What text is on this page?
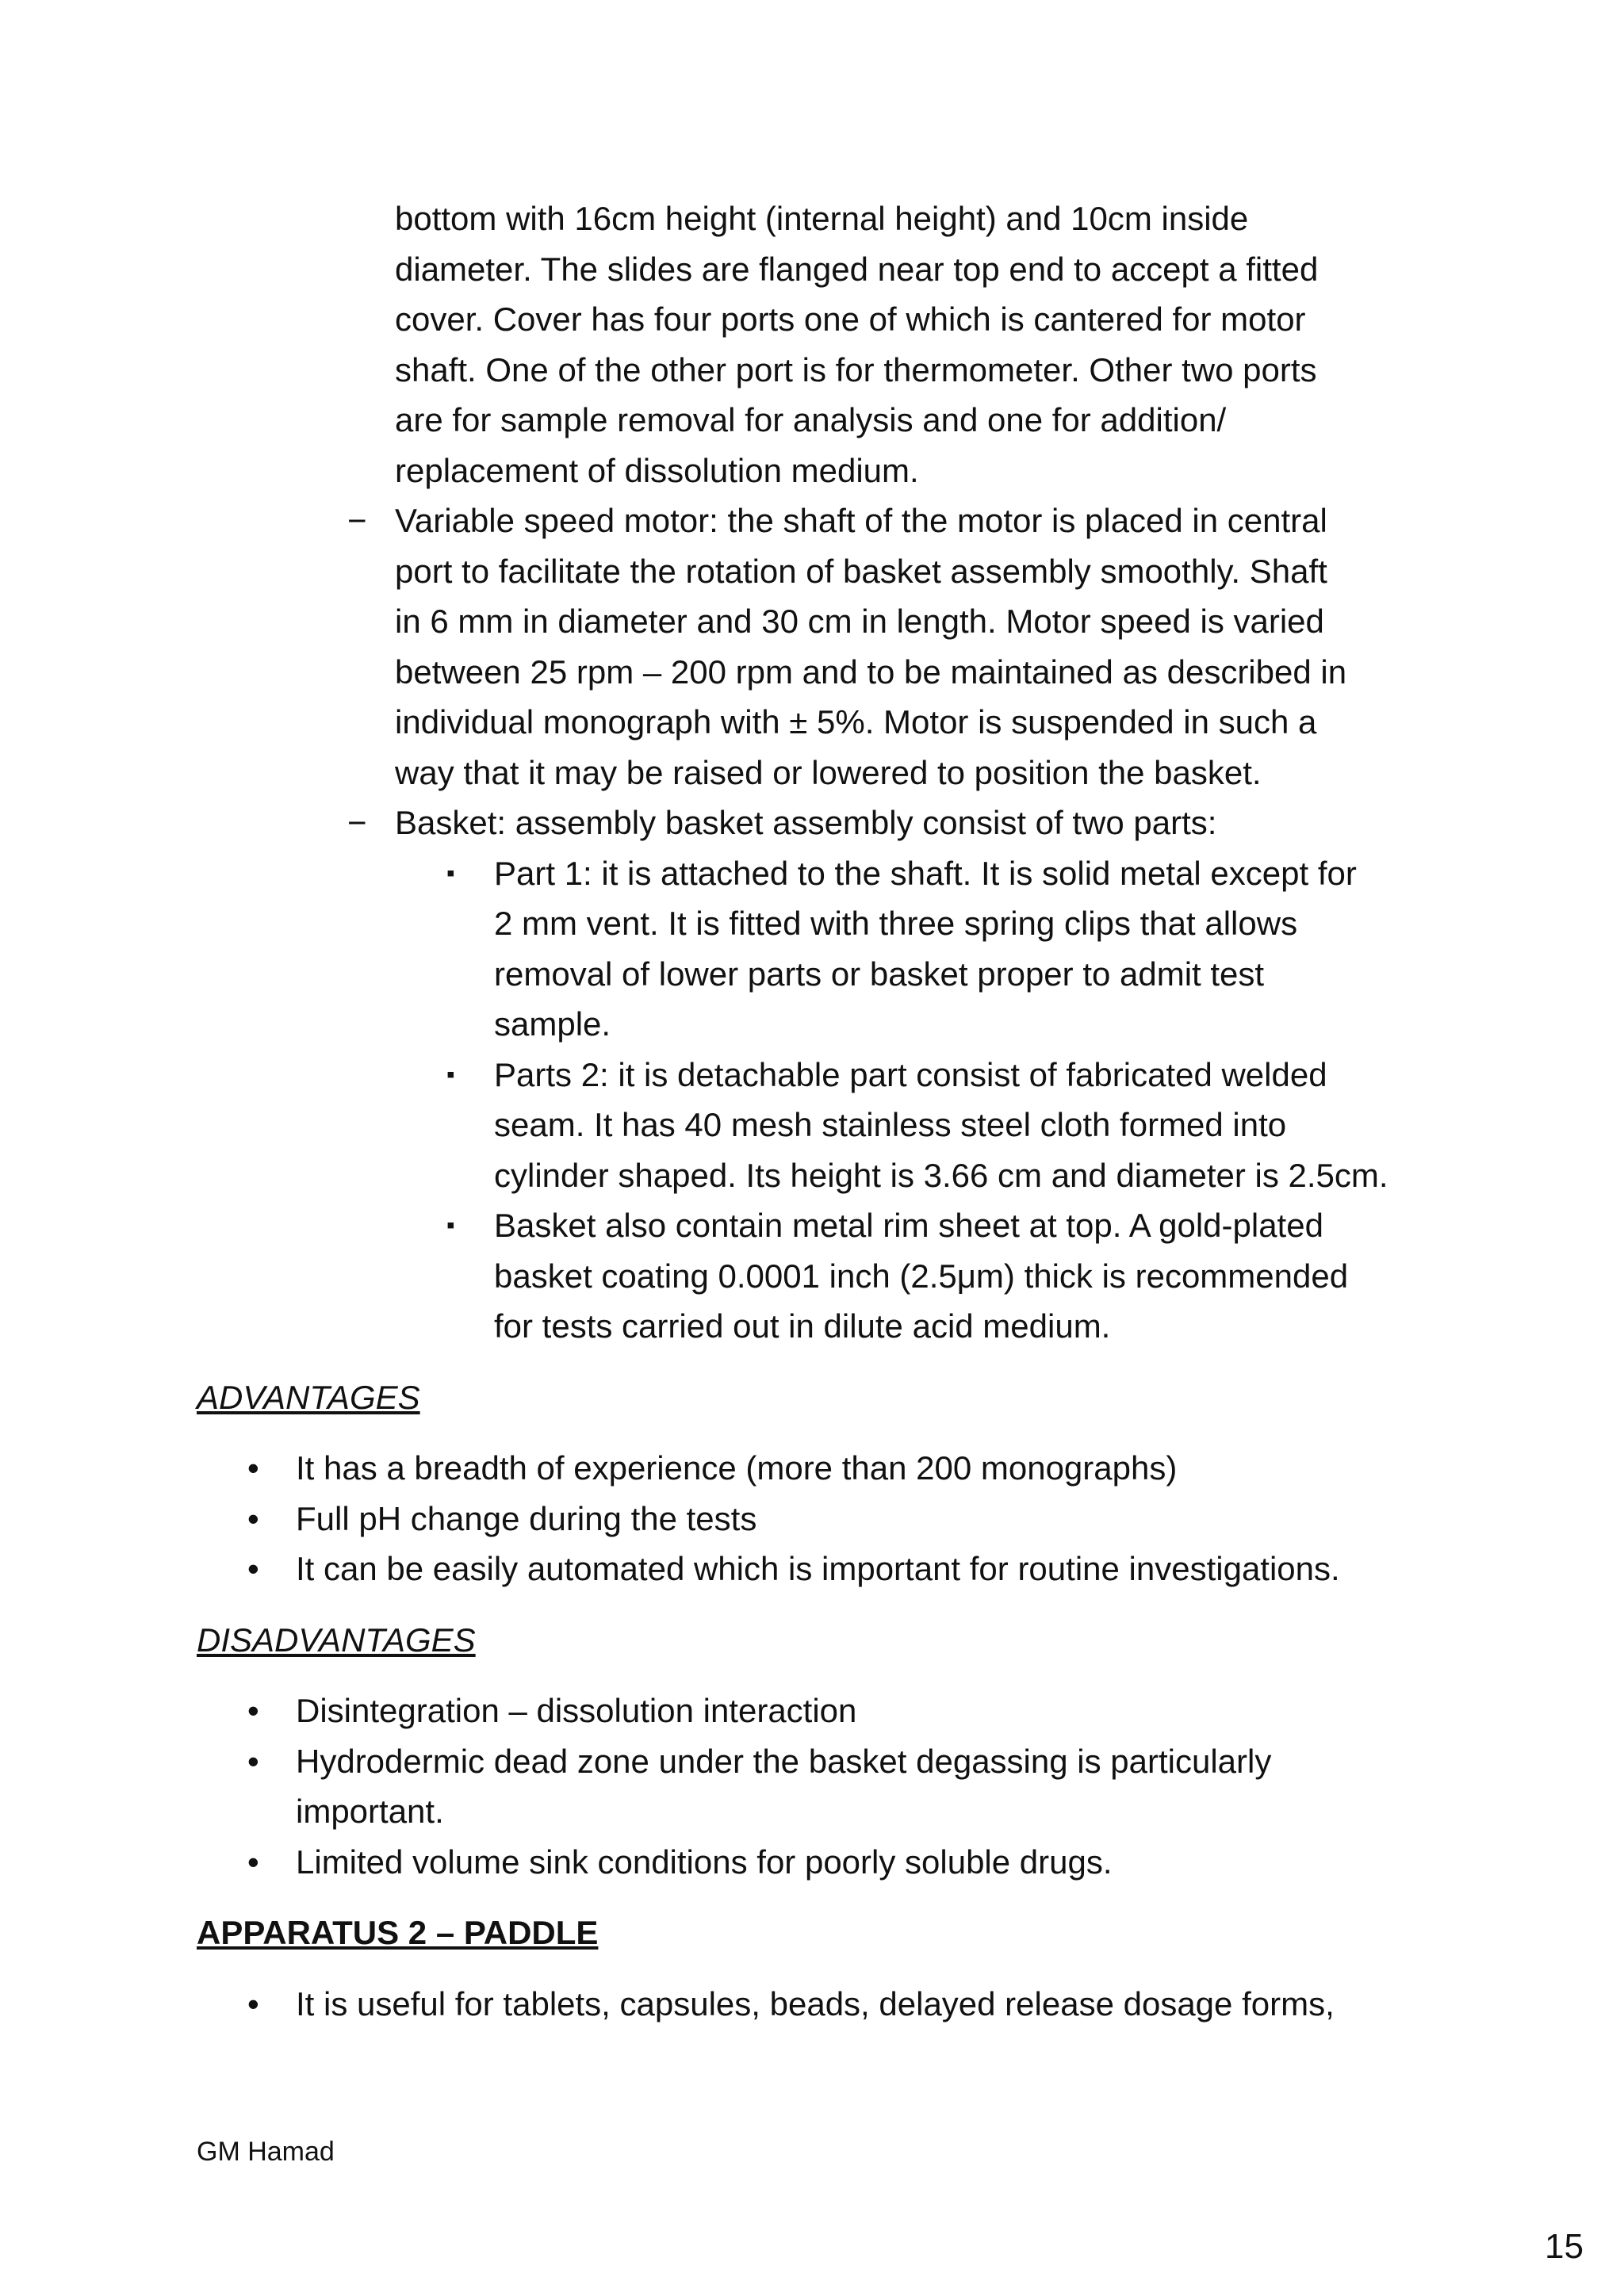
bottom with 16cm height (internal height) and 10cm inside
diameter. The slides are flanged near top end to accept a fitted
cover. Cover has four ports one of which is cantered for motor
shaft. One of the other port is for thermometer. Other two ports
are for sample removal for analysis and one for addition/
replacement of dissolution medium.
− Variable speed motor: the shaft of the motor is placed in central
port to facilitate the rotation of basket assembly smoothly. Shaft
in 6 mm in diameter and 30 cm in length. Motor speed is varied
between 25 rpm – 200 rpm and to be maintained as described in
individual monograph with ± 5%. Motor is suspended in such a
way that it may be raised or lowered to position the basket.
− Basket: assembly basket assembly consist of two parts:
▪ Part 1: it is attached to the shaft. It is solid metal except for
2 mm vent. It is fitted with three spring clips that allows
removal of lower parts or basket proper to admit test
sample.
▪ Parts 2: it is detachable part consist of fabricated welded
seam. It has 40 mesh stainless steel cloth formed into
cylinder shaped. Its height is 3.66 cm and diameter is 2.5cm.
▪ Basket also contain metal rim sheet at top. A gold-plated
basket coating 0.0001 inch (2.5μm) thick is recommended
for tests carried out in dilute acid medium.
ADVANTAGES
• It has a breadth of experience (more than 200 monographs)
• Full pH change during the tests
• It can be easily automated which is important for routine investigations.
DISADVANTAGES
• Disintegration – dissolution interaction
• Hydrodermic dead zone under the basket degassing is particularly
important.
• Limited volume sink conditions for poorly soluble drugs.
APPARATUS 2 – PADDLE
• It is useful for tablets, capsules, beads, delayed release dosage forms,
GM Hamad
15
